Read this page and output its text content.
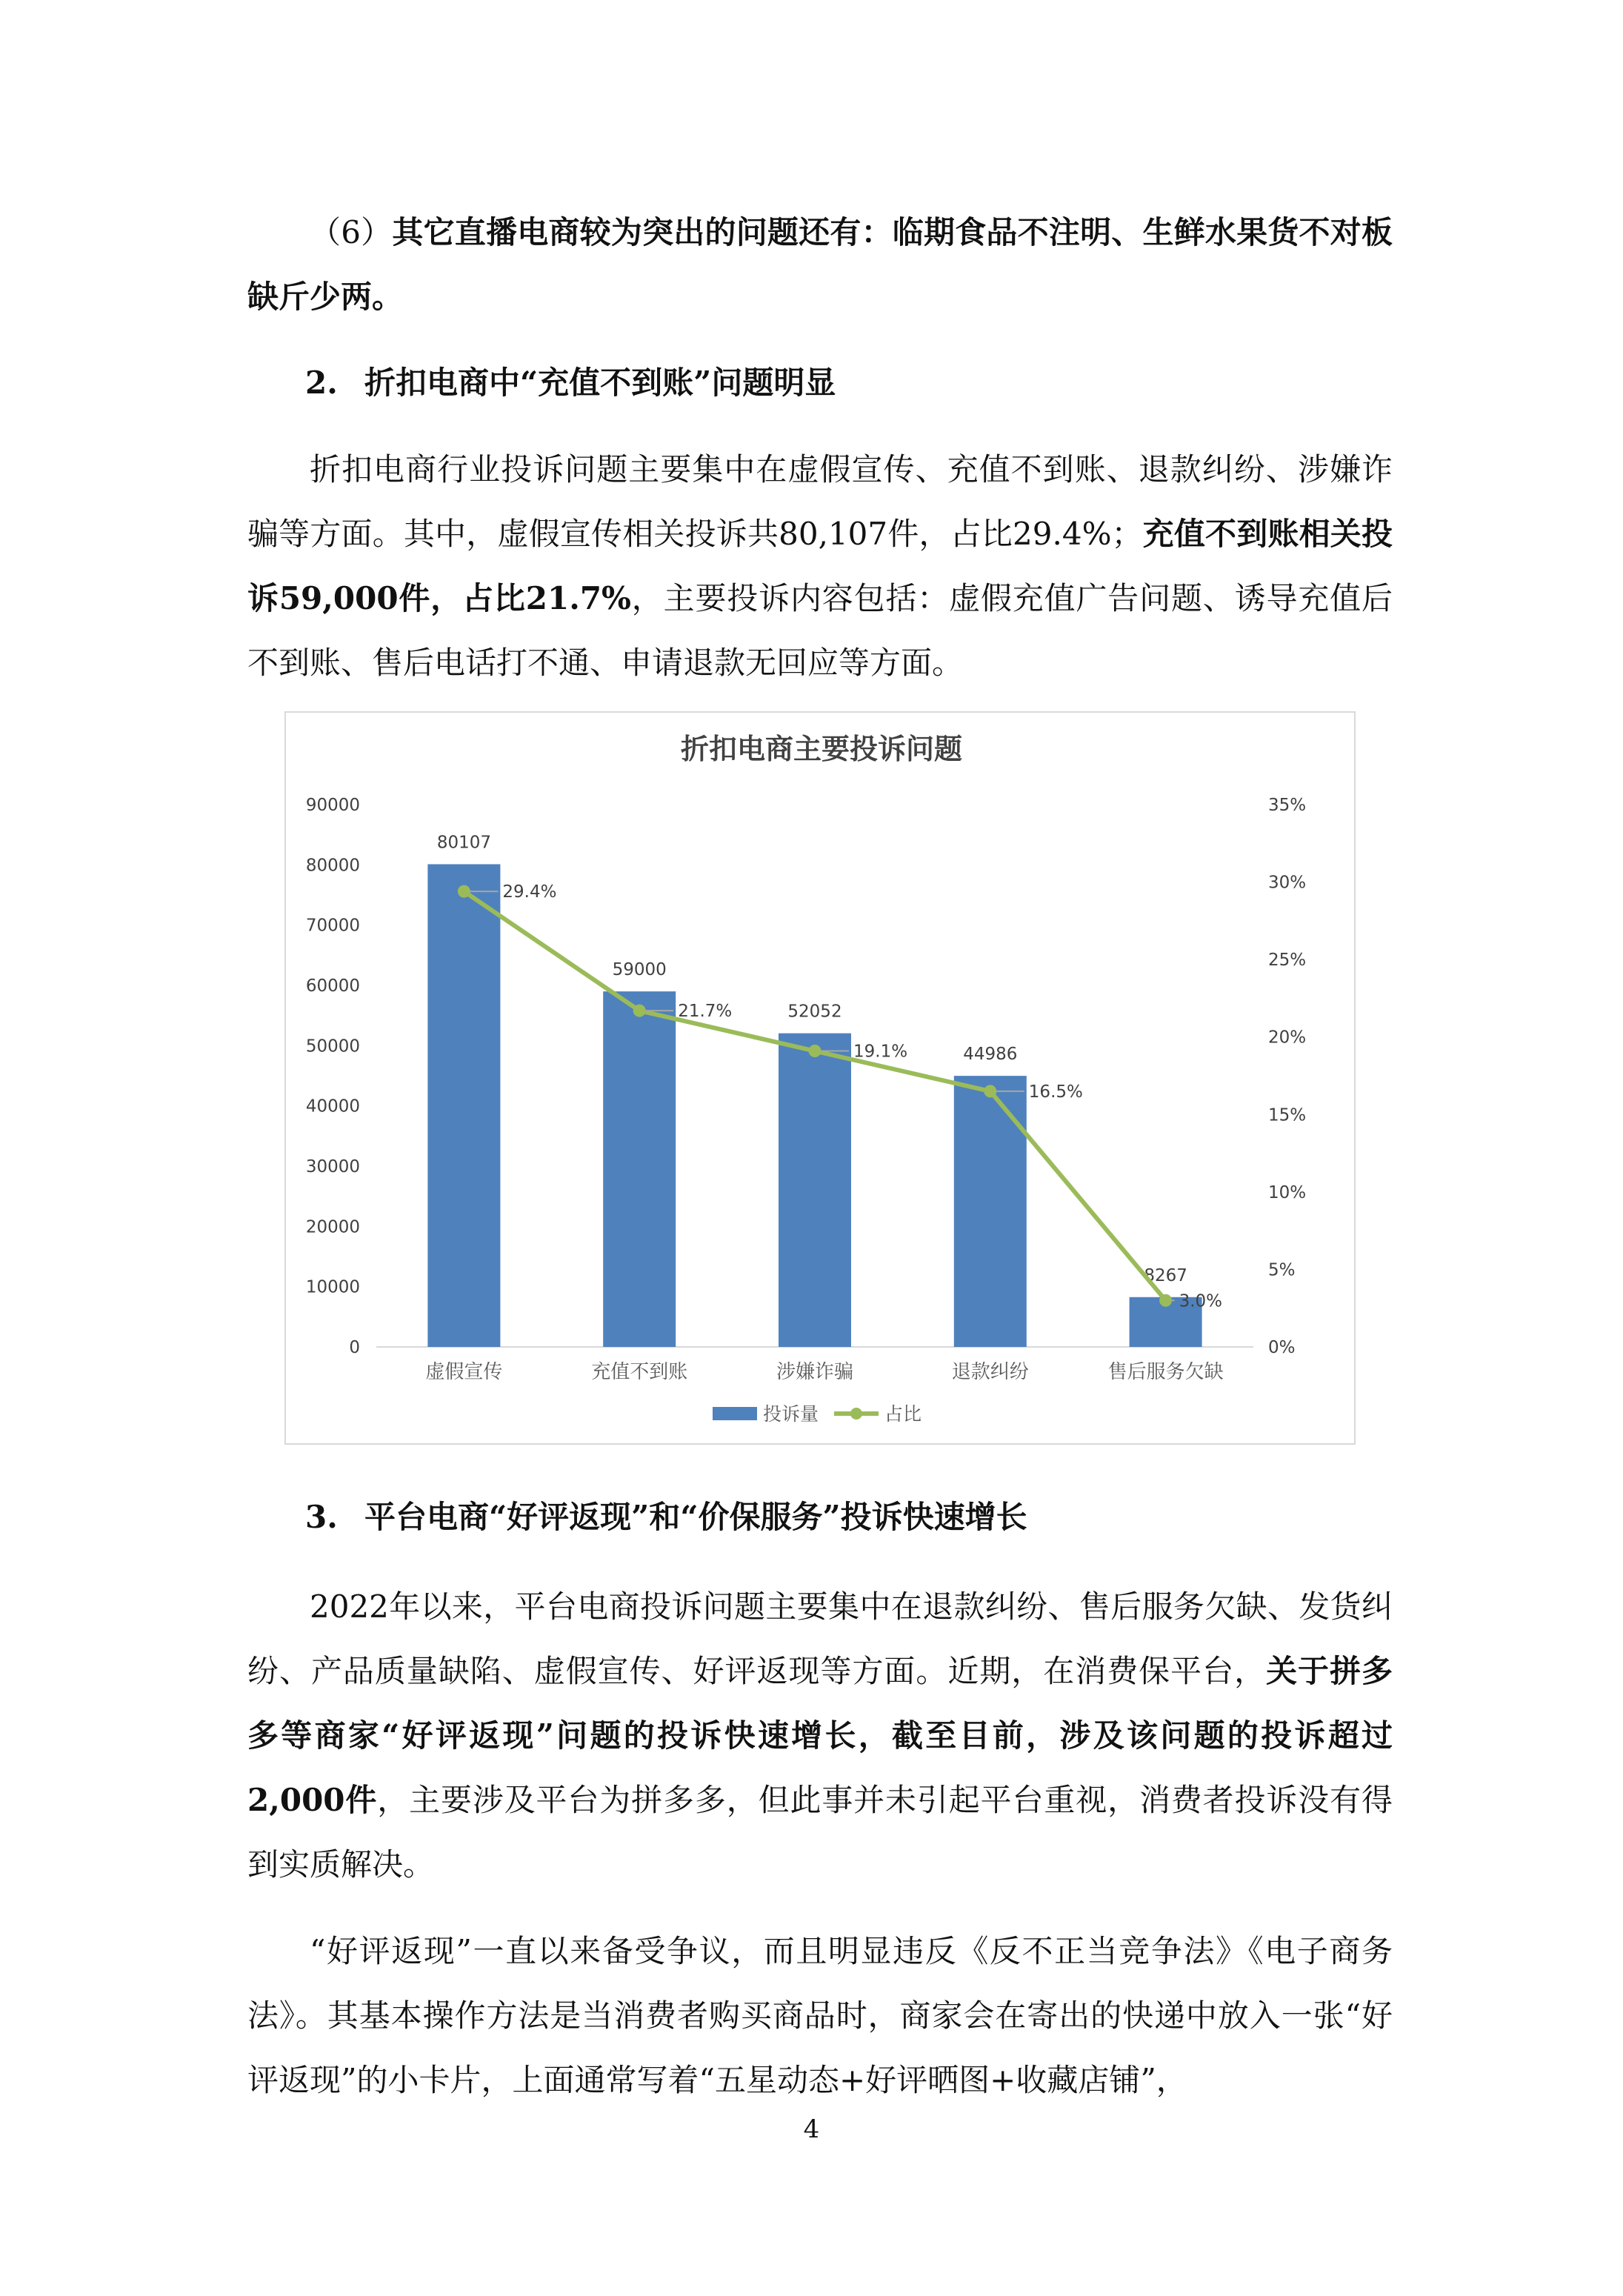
（6）其它直播电商较为突出的问题还有：临期食品不注明、生鲜水果货不对板缺斤少两。

2. 折扣电商中“充值不到账”问题明显

折扣电商行业投诉问题主要集中在虚假宣传、充值不到账、退款纠纷、涉嫌诈骗等方面。其中，虚假宣传相关投诉共80,107件，占比29.4%；充值不到账相关投诉59,000件，占比21.7%，主要投诉内容包括：虚假充值广告问题、诱导充值后不到账、售后电话打不通、申请退款无回应等方面。

折扣电商主要投诉问题
0
10000
20000
30000
40000
50000
60000
70000
80000
90000
0%
5%
10%
15%
20%
25%
30%
35%
80107
虚假宣传
59000
充值不到账
52052
涉嫌诈骗
44986
退款纠纷
8267
售后服务欠缺
29.4%
21.7%
19.1%
16.5%
3.0%
投诉量	占比

3. 平台电商“好评返现”和“价保服务”投诉快速增长

2022年以来，平台电商投诉问题主要集中在退款纠纷、售后服务欠缺、发货纠纷、产品质量缺陷、虚假宣传、好评返现等方面。近期，在消费保平台，关于拼多多等商家“好评返现”问题的投诉快速增长，截至目前，涉及该问题的投诉超过2,000件，主要涉及平台为拼多多，但此事并未引起平台重视，消费者投诉没有得到实质解决。

“好评返现”一直以来备受争议，而且明显违反《反不正当竞争法》《电子商务法》。其基本操作方法是当消费者购买商品时，商家会在寄出的快递中放入一张“好评返现”的小卡片，上面通常写着“五星动态+好评晒图+收藏店铺”，

4
